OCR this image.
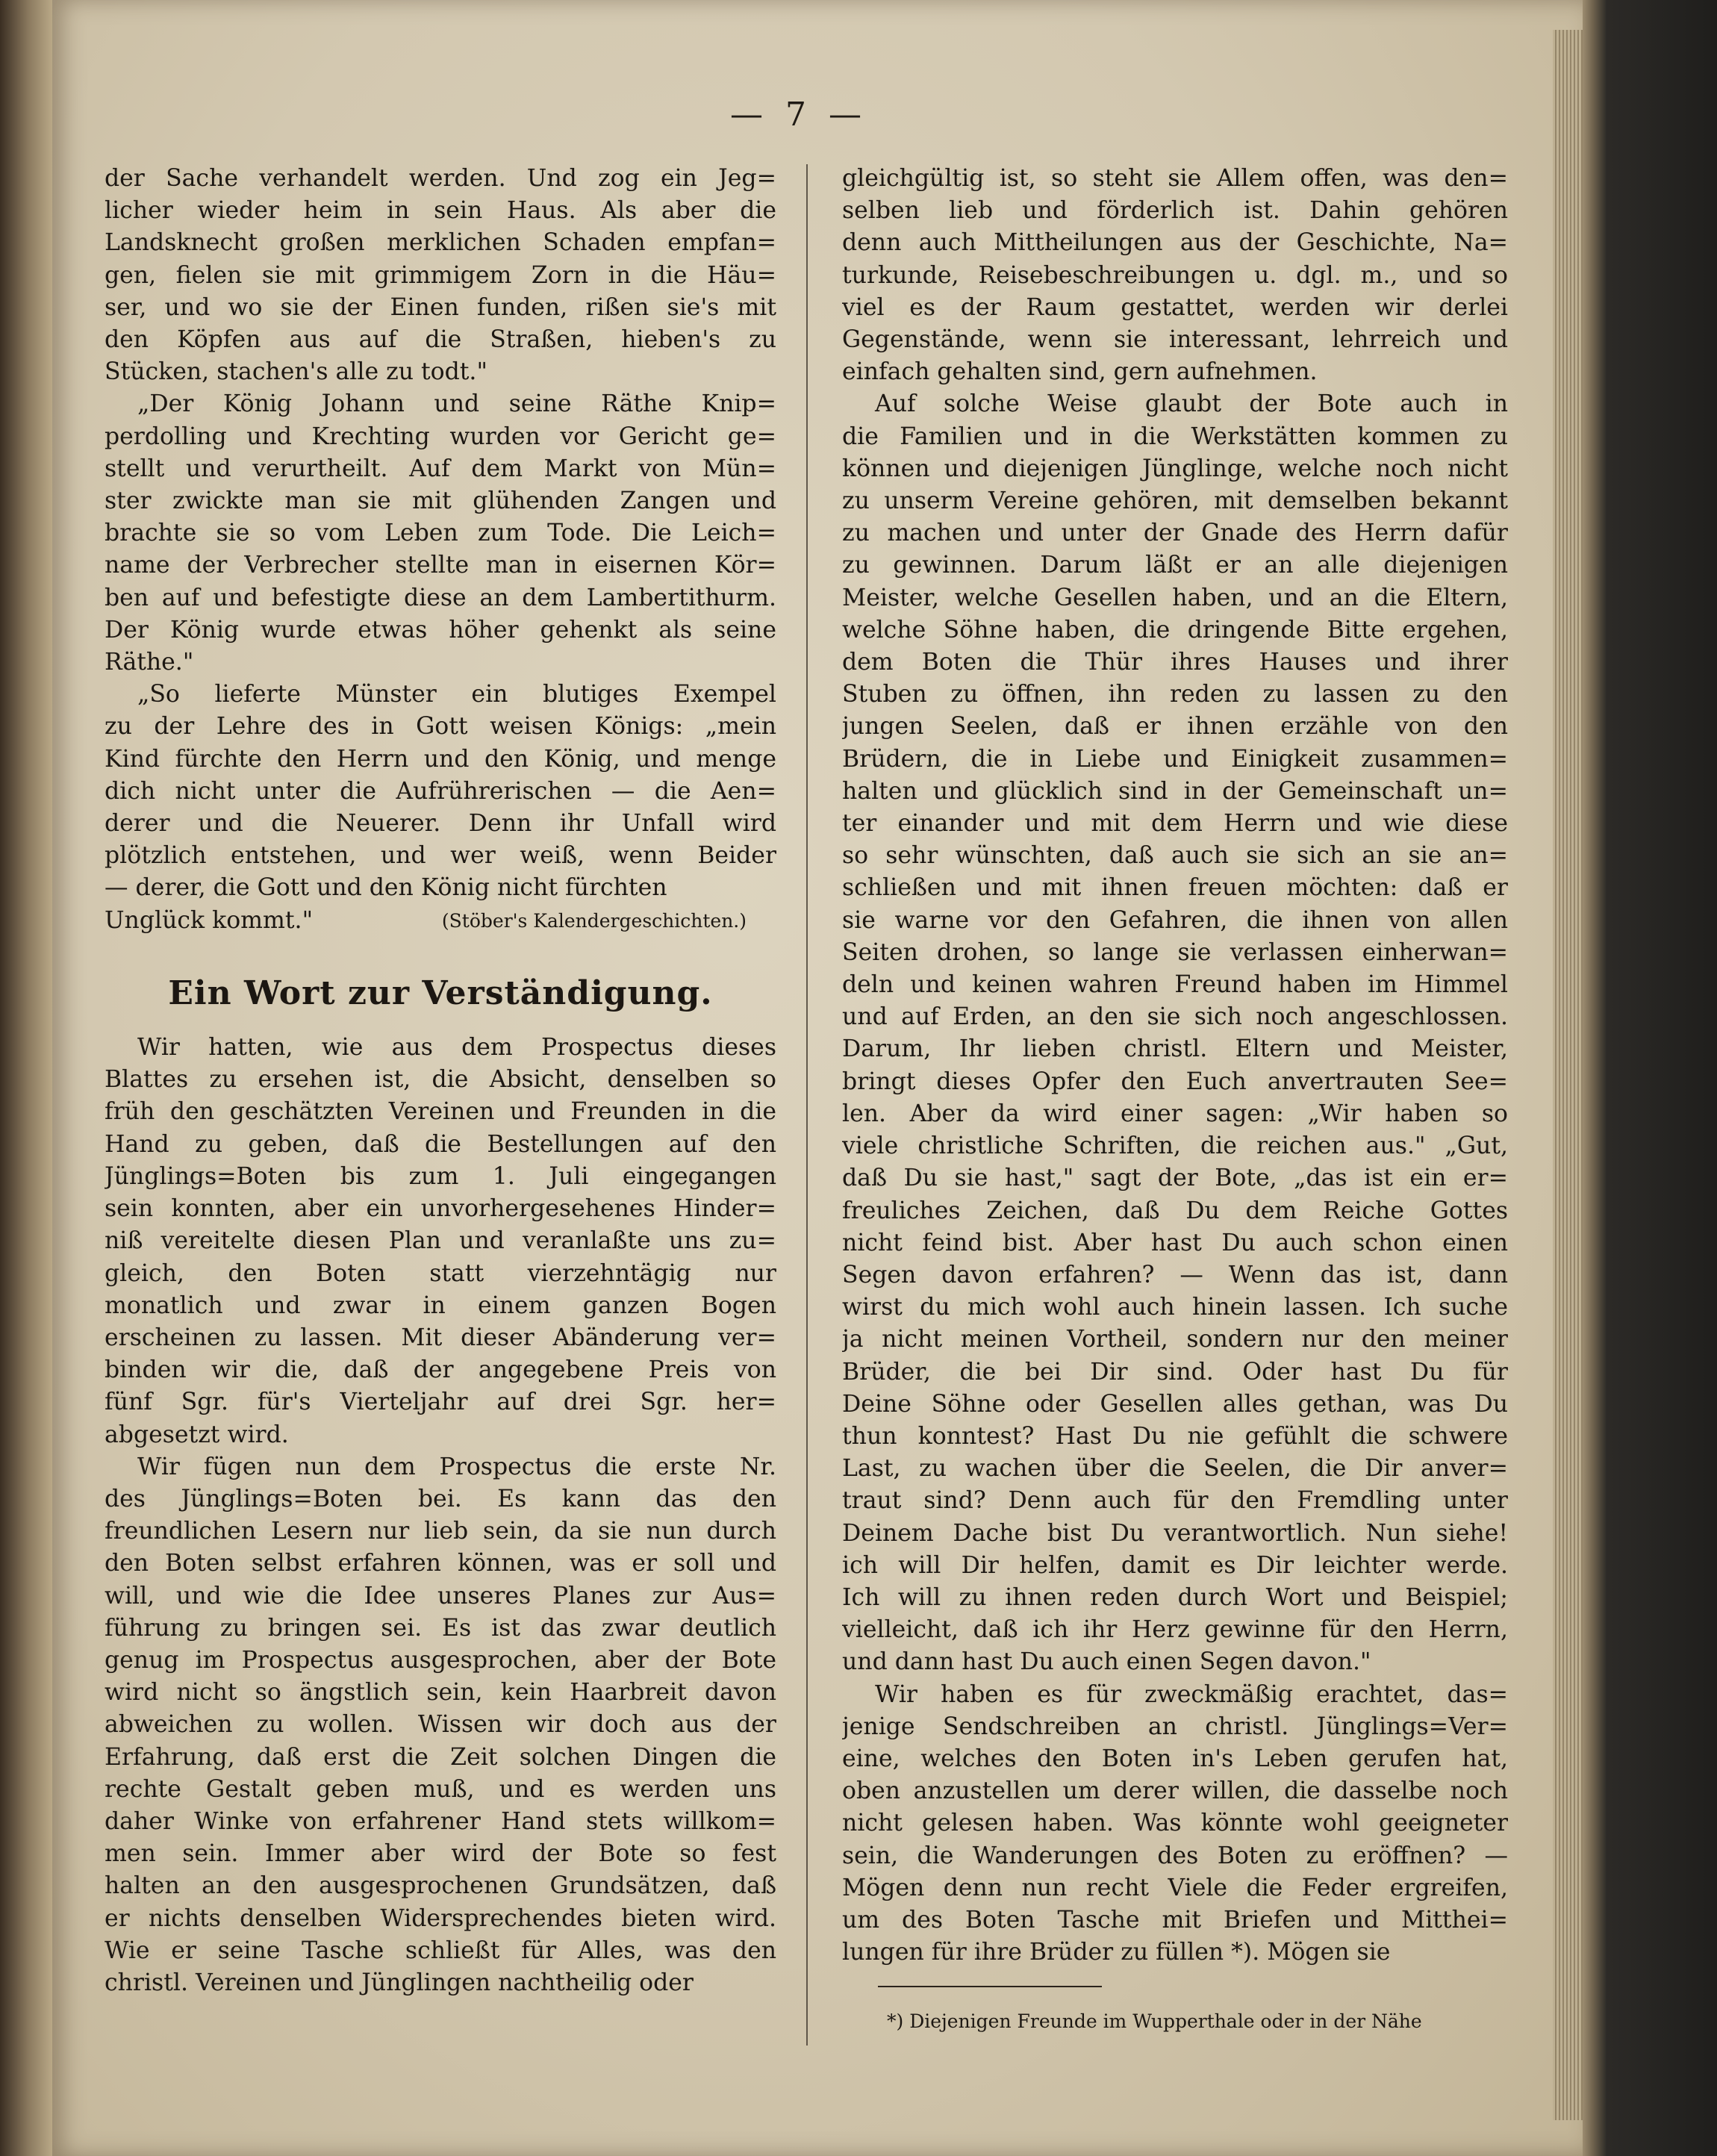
— 7 —
der Sache verhandelt werden. Und zog ein Jeg=
licher wieder heim in sein Haus. Als aber die
Landsknecht großen merklichen Schaden empfan=
gen, fielen sie mit grimmigem Zorn in die Häu=
ser, und wo sie der Einen funden, rißen sie's mit
den Köpfen aus auf die Straßen, hieben's zu
Stücken, stachen's alle zu todt."
„Der König Johann und seine Räthe Knip=
perdolling und Krechting wurden vor Gericht ge=
stellt und verurtheilt. Auf dem Markt von Mün=
ster zwickte man sie mit glühenden Zangen und
brachte sie so vom Leben zum Tode. Die Leich=
name der Verbrecher stellte man in eisernen Kör=
ben auf und befestigte diese an dem Lambertithurm.
Der König wurde etwas höher gehenkt als seine
Räthe."
„So lieferte Münster ein blutiges Exempel
zu der Lehre des in Gott weisen Königs: „mein
Kind fürchte den Herrn und den König, und menge
dich nicht unter die Aufrührerischen — die Aen=
derer und die Neuerer. Denn ihr Unfall wird
plötzlich entstehen, und wer weiß, wenn Beider
— derer, die Gott und den König nicht fürchten
Unglück kommt."	(Stöber's Kalendergeschichten.)
Ein Wort zur Verständigung.
Wir hatten, wie aus dem Prospectus dieses
Blattes zu ersehen ist, die Absicht, denselben so
früh den geschätzten Vereinen und Freunden in die
Hand zu geben, daß die Bestellungen auf den
Jünglings=Boten bis zum 1. Juli eingegangen
sein konnten, aber ein unvorhergesehenes Hinder=
niß vereitelte diesen Plan und veranlaßte uns zu=
gleich, den Boten statt vierzehntägig nur
monatlich und zwar in einem ganzen Bogen
erscheinen zu lassen. Mit dieser Abänderung ver=
binden wir die, daß der angegebene Preis von
fünf Sgr. für's Vierteljahr auf drei Sgr. her=
abgesetzt wird.
Wir fügen nun dem Prospectus die erste Nr.
des Jünglings=Boten bei. Es kann das den
freundlichen Lesern nur lieb sein, da sie nun durch
den Boten selbst erfahren können, was er soll und
will, und wie die Idee unseres Planes zur Aus=
führung zu bringen sei. Es ist das zwar deutlich
genug im Prospectus ausgesprochen, aber der Bote
wird nicht so ängstlich sein, kein Haarbreit davon
abweichen zu wollen. Wissen wir doch aus der
Erfahrung, daß erst die Zeit solchen Dingen die
rechte Gestalt geben muß, und es werden uns
daher Winke von erfahrener Hand stets willkom=
men sein. Immer aber wird der Bote so fest
halten an den ausgesprochenen Grundsätzen, daß
er nichts denselben Widersprechendes bieten wird.
Wie er seine Tasche schließt für Alles, was den
christl. Vereinen und Jünglingen nachtheilig oder
gleichgültig ist, so steht sie Allem offen, was den=
selben lieb und förderlich ist. Dahin gehören
denn auch Mittheilungen aus der Geschichte, Na=
turkunde, Reisebeschreibungen u. dgl. m., und so
viel es der Raum gestattet, werden wir derlei
Gegenstände, wenn sie interessant, lehrreich und
einfach gehalten sind, gern aufnehmen.
Auf solche Weise glaubt der Bote auch in
die Familien und in die Werkstätten kommen zu
können und diejenigen Jünglinge, welche noch nicht
zu unserm Vereine gehören, mit demselben bekannt
zu machen und unter der Gnade des Herrn dafür
zu gewinnen. Darum läßt er an alle diejenigen
Meister, welche Gesellen haben, und an die Eltern,
welche Söhne haben, die dringende Bitte ergehen,
dem Boten die Thür ihres Hauses und ihrer
Stuben zu öffnen, ihn reden zu lassen zu den
jungen Seelen, daß er ihnen erzähle von den
Brüdern, die in Liebe und Einigkeit zusammen=
halten und glücklich sind in der Gemeinschaft un=
ter einander und mit dem Herrn und wie diese
so sehr wünschten, daß auch sie sich an sie an=
schließen und mit ihnen freuen möchten: daß er
sie warne vor den Gefahren, die ihnen von allen
Seiten drohen, so lange sie verlassen einherwan=
deln und keinen wahren Freund haben im Himmel
und auf Erden, an den sie sich noch angeschlossen.
Darum, Ihr lieben christl. Eltern und Meister,
bringt dieses Opfer den Euch anvertrauten See=
len. Aber da wird einer sagen: „Wir haben so
viele christliche Schriften, die reichen aus." „Gut,
daß Du sie hast," sagt der Bote, „das ist ein er=
freuliches Zeichen, daß Du dem Reiche Gottes
nicht feind bist. Aber hast Du auch schon einen
Segen davon erfahren? — Wenn das ist, dann
wirst du mich wohl auch hinein lassen. Ich suche
ja nicht meinen Vortheil, sondern nur den meiner
Brüder, die bei Dir sind. Oder hast Du für
Deine Söhne oder Gesellen alles gethan, was Du
thun konntest? Hast Du nie gefühlt die schwere
Last, zu wachen über die Seelen, die Dir anver=
traut sind? Denn auch für den Fremdling unter
Deinem Dache bist Du verantwortlich. Nun siehe!
ich will Dir helfen, damit es Dir leichter werde.
Ich will zu ihnen reden durch Wort und Beispiel;
vielleicht, daß ich ihr Herz gewinne für den Herrn,
und dann hast Du auch einen Segen davon."
Wir haben es für zweckmäßig erachtet, das=
jenige Sendschreiben an christl. Jünglings=Ver=
eine, welches den Boten in's Leben gerufen hat,
oben anzustellen um derer willen, die dasselbe noch
nicht gelesen haben. Was könnte wohl geeigneter
sein, die Wanderungen des Boten zu eröffnen? —
Mögen denn nun recht Viele die Feder ergreifen,
um des Boten Tasche mit Briefen und Mitthei=
lungen für ihre Brüder zu füllen *). Mögen sie
*) Diejenigen Freunde im Wupperthale oder in der Nähe
